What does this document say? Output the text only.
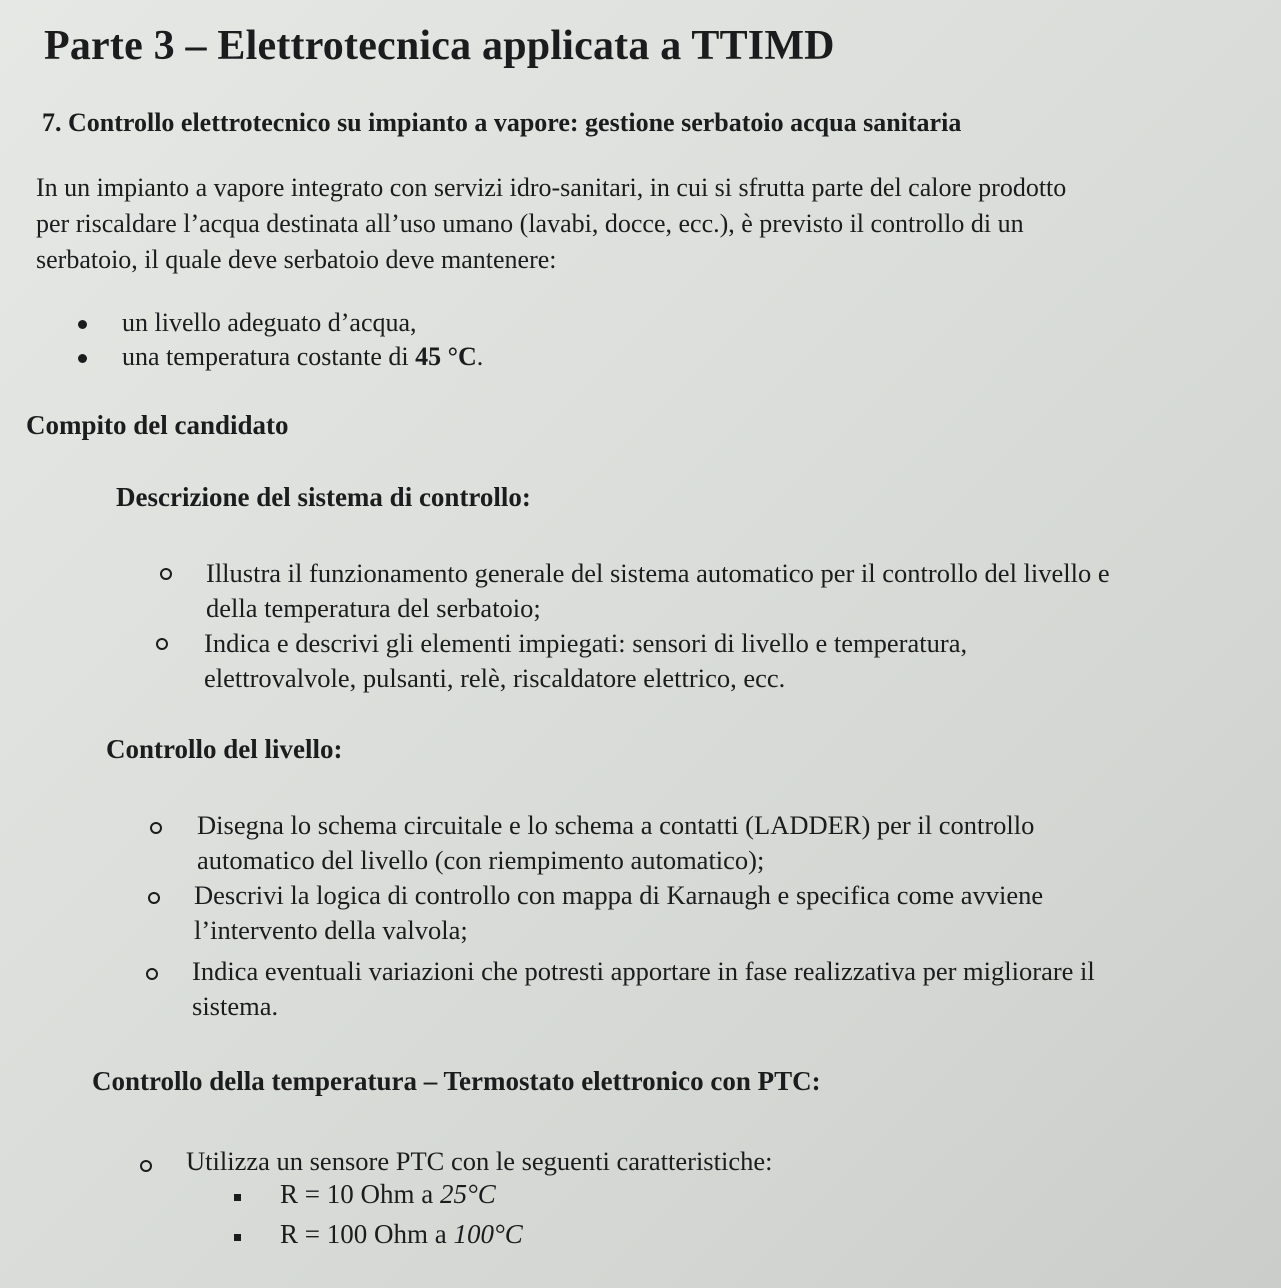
Parte 3 – Elettrotecnica applicata a TTIMD
7. Controllo elettrotecnico su impianto a vapore: gestione serbatoio acqua sanitaria
In un impianto a vapore integrato con servizi idro-sanitari, in cui si sfrutta parte del calore prodotto
per riscaldare l’acqua destinata all’uso umano (lavabi, docce, ecc.), è previsto il controllo di un
serbatoio, il quale deve serbatoio deve mantenere:
un livello adeguato d’acqua,
una temperatura costante di 45 °C.
Compito del candidato
Descrizione del sistema di controllo:
Illustra il funzionamento generale del sistema automatico per il controllo del livello e
della temperatura del serbatoio;
Indica e descrivi gli elementi impiegati: sensori di livello e temperatura,
elettrovalvole, pulsanti, relè, riscaldatore elettrico, ecc.
Controllo del livello:
Disegna lo schema circuitale e lo schema a contatti (LADDER) per il controllo
automatico del livello (con riempimento automatico);
Descrivi la logica di controllo con mappa di Karnaugh e specifica come avviene
l’intervento della valvola;
Indica eventuali variazioni che potresti apportare in fase realizzativa per migliorare il
sistema.
Controllo della temperatura – Termostato elettronico con PTC:
Utilizza un sensore PTC con le seguenti caratteristiche:
R = 10 Ohm a 25°C
R = 100 Ohm a 100°C
